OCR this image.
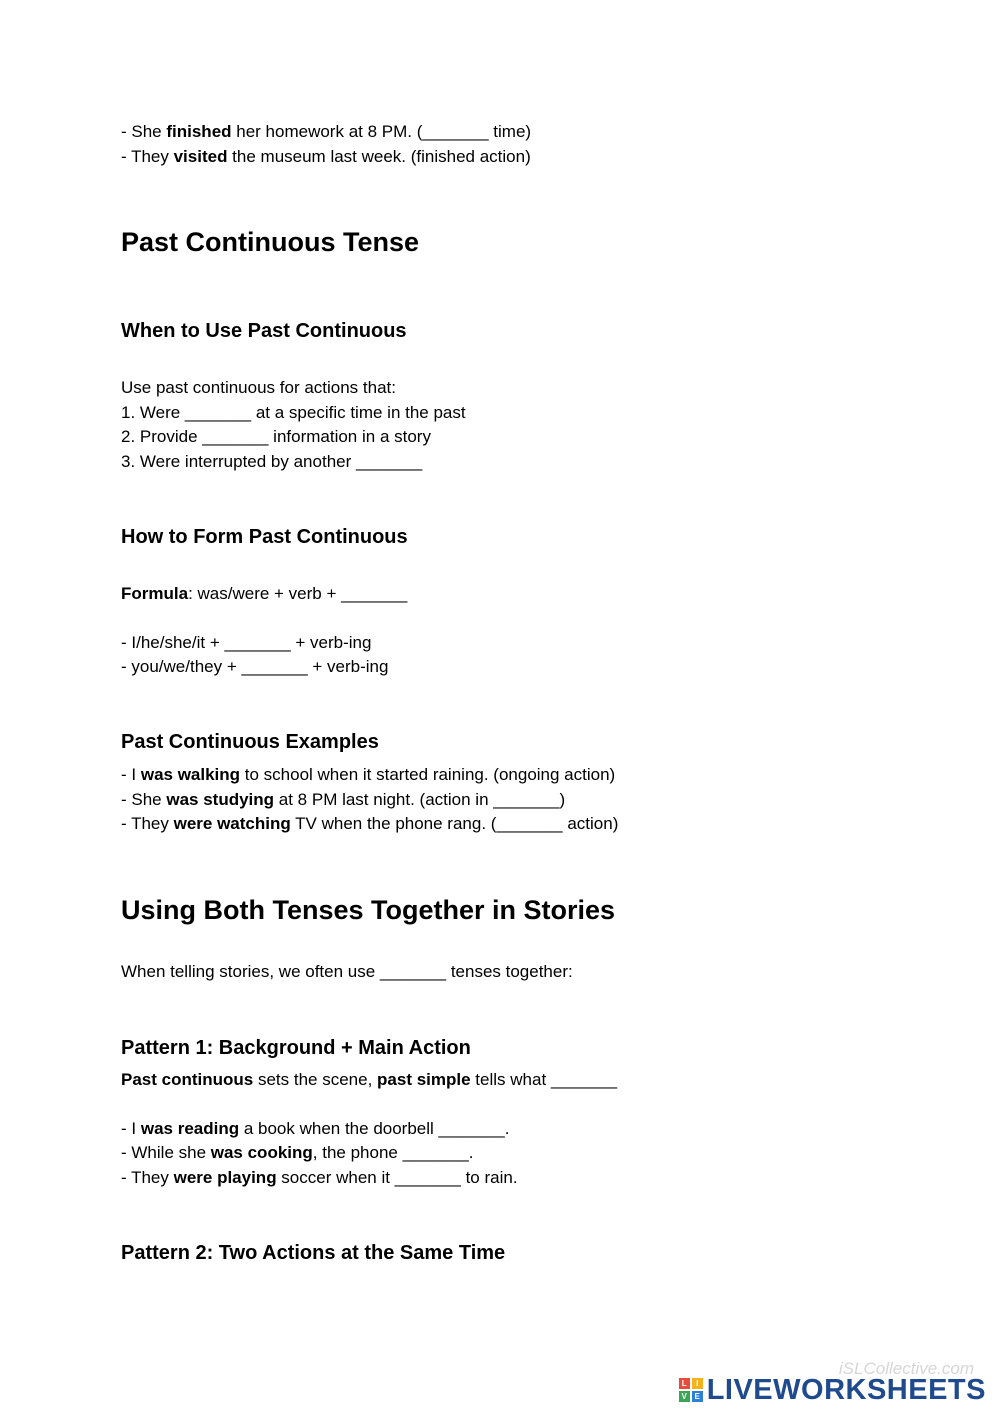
- She finished her homework at 8 PM. (_______ time)
- They visited the museum last week. (finished action)
Past Continuous Tense
When to Use Past Continuous
Use past continuous for actions that:
1. Were _______ at a specific time in the past
2. Provide _______ information in a story
3. Were interrupted by another _______
How to Form Past Continuous
Formula: was/were + verb + _______
- I/he/she/it + _______ + verb-ing
- you/we/they + _______ + verb-ing
Past Continuous Examples
- I was walking to school when it started raining. (ongoing action)
- She was studying at 8 PM last night. (action in _______)
- They were watching TV when the phone rang. (_______ action)
Using Both Tenses Together in Stories
When telling stories, we often use _______ tenses together:
Pattern 1: Background + Main Action
Past continuous sets the scene, past simple tells what _______
- I was reading a book when the doorbell _______.
- While she was cooking, the phone _______.
- They were playing soccer when it _______ to rain.
Pattern 2: Two Actions at the Same Time
iSLCollective.com
L	I
V E LIVEWORKSHEETS
